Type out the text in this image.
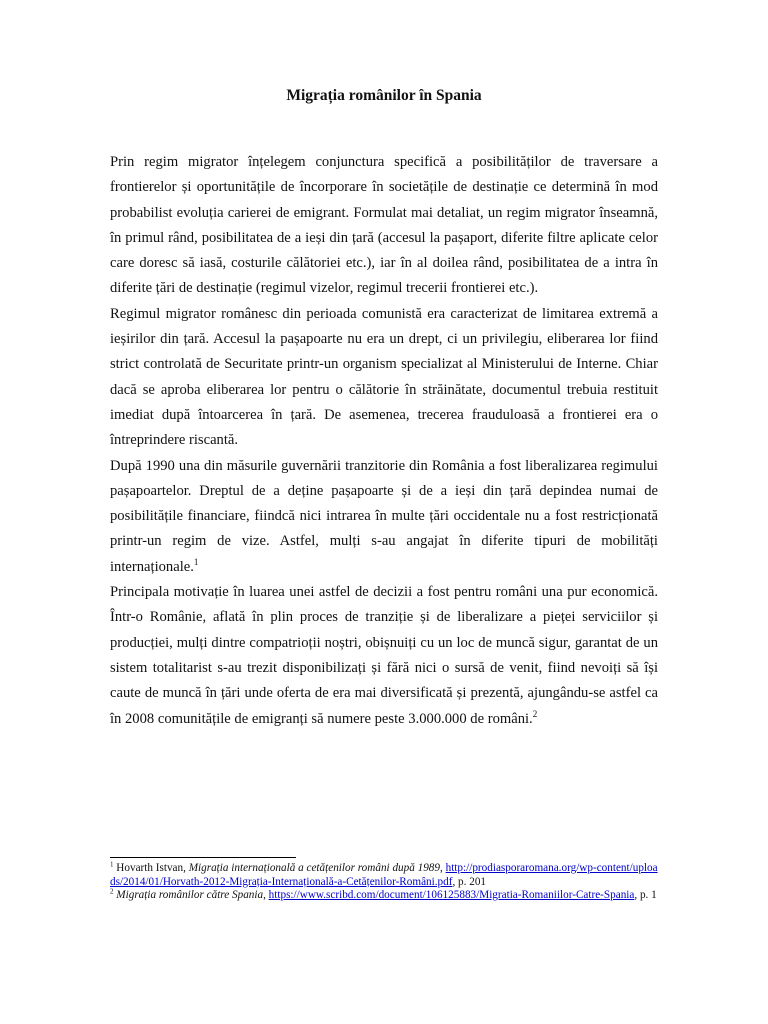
Migrația românilor în Spania

Prin regim migrator înțelegem conjunctura specifică a posibilităților de traversare a frontierelor și oportunitățile de încorporare în societățile de destinație ce determină în mod probabilist evoluția carierei de emigrant. Formulat mai detaliat, un regim migrator înseamnă, în primul rând, posibilitatea de a ieși din țară (accesul la pașaport, diferite filtre aplicate celor care doresc să iasă, costurile călătoriei etc.), iar în al doilea rând, posibilitatea de a intra în diferite țări de destinație (regimul vizelor, regimul trecerii frontierei etc.).

Regimul migrator românesc din perioada comunistă era caracterizat de limitarea extremă a ieșirilor din țară. Accesul la pașapoarte nu era un drept, ci un privilegiu, eliberarea lor fiind strict controlată de Securitate printr-un organism specializat al Ministerului de Interne. Chiar dacă se aproba eliberarea lor pentru o călătorie în străinătate, documentul trebuia restituit imediat după întoarcerea în țară. De asemenea, trecerea frauduloasă a frontierei era o întreprindere riscantă.

După 1990 una din măsurile guvernării tranzitorie din România a fost liberalizarea regimului pașapoartelor. Dreptul de a deține pașapoarte și de a ieși din țară depindea numai de posibilitățile financiare, fiindcă nici intrarea în multe țări occidentale nu a fost restricționată printr-un regim de vize. Astfel, mulți s-au angajat în diferite tipuri de mobilități internaționale.$^1$

Principala motivație în luarea unei astfel de decizii a fost pentru români una pur economică. Într-o Românie, aflată în plin proces de tranziție și de liberalizare a pieței serviciilor și producției, mulți dintre compatrioții noștri, obișnuiți cu un loc de muncă sigur, garantat de un sistem totalitarist s-au trezit disponibilizați și fără nici o sursă de venit, fiind nevoiți să își caute de muncă în țări unde oferta de era mai diversificată și prezentă, ajungându-se astfel ca în 2008 comunitățile de emigranți să numere peste 3.000.000 de români.$^2$

$^1$ Hovarth Istvan, Migrația internațională a cetățenilor români după 1989, http://prodiasporaromana.org/wp-content/uploads/2014/01/Horvath-2012-Migrația-Internațională-a-Cetățenilor-Români.pdf, p. 201

$^2$ Migrația românilor către Spania, https://www.scribd.com/document/106125883/Migratia-Romaniilor-Catre-Spania, p. 1
